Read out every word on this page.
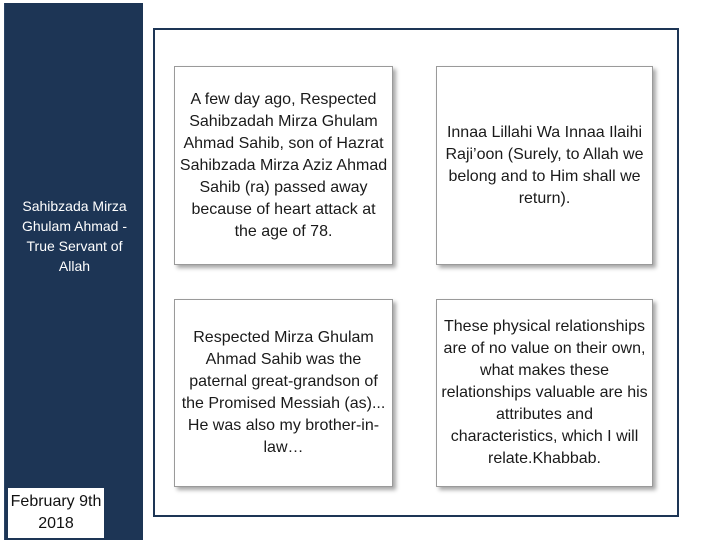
Sahibzada Mirza Ghulam Ahmad - True Servant of Allah
February 9th 2018
A few day ago, Respected Sahibzadah Mirza Ghulam Ahmad Sahib, son of Hazrat Sahibzada Mirza Aziz Ahmad Sahib (ra) passed away because of heart attack at the age of 78.
Innaa Lillahi Wa Innaa Ilaihi Raji’oon (Surely, to Allah we belong and to Him shall we return).
Respected Mirza Ghulam Ahmad Sahib was the paternal great-grandson of the Promised Messiah (as)... He was also my brother-in-law…
These physical relationships are of no value on their own, what makes these relationships valuable are his attributes and characteristics, which I will relate.Khabbab.
